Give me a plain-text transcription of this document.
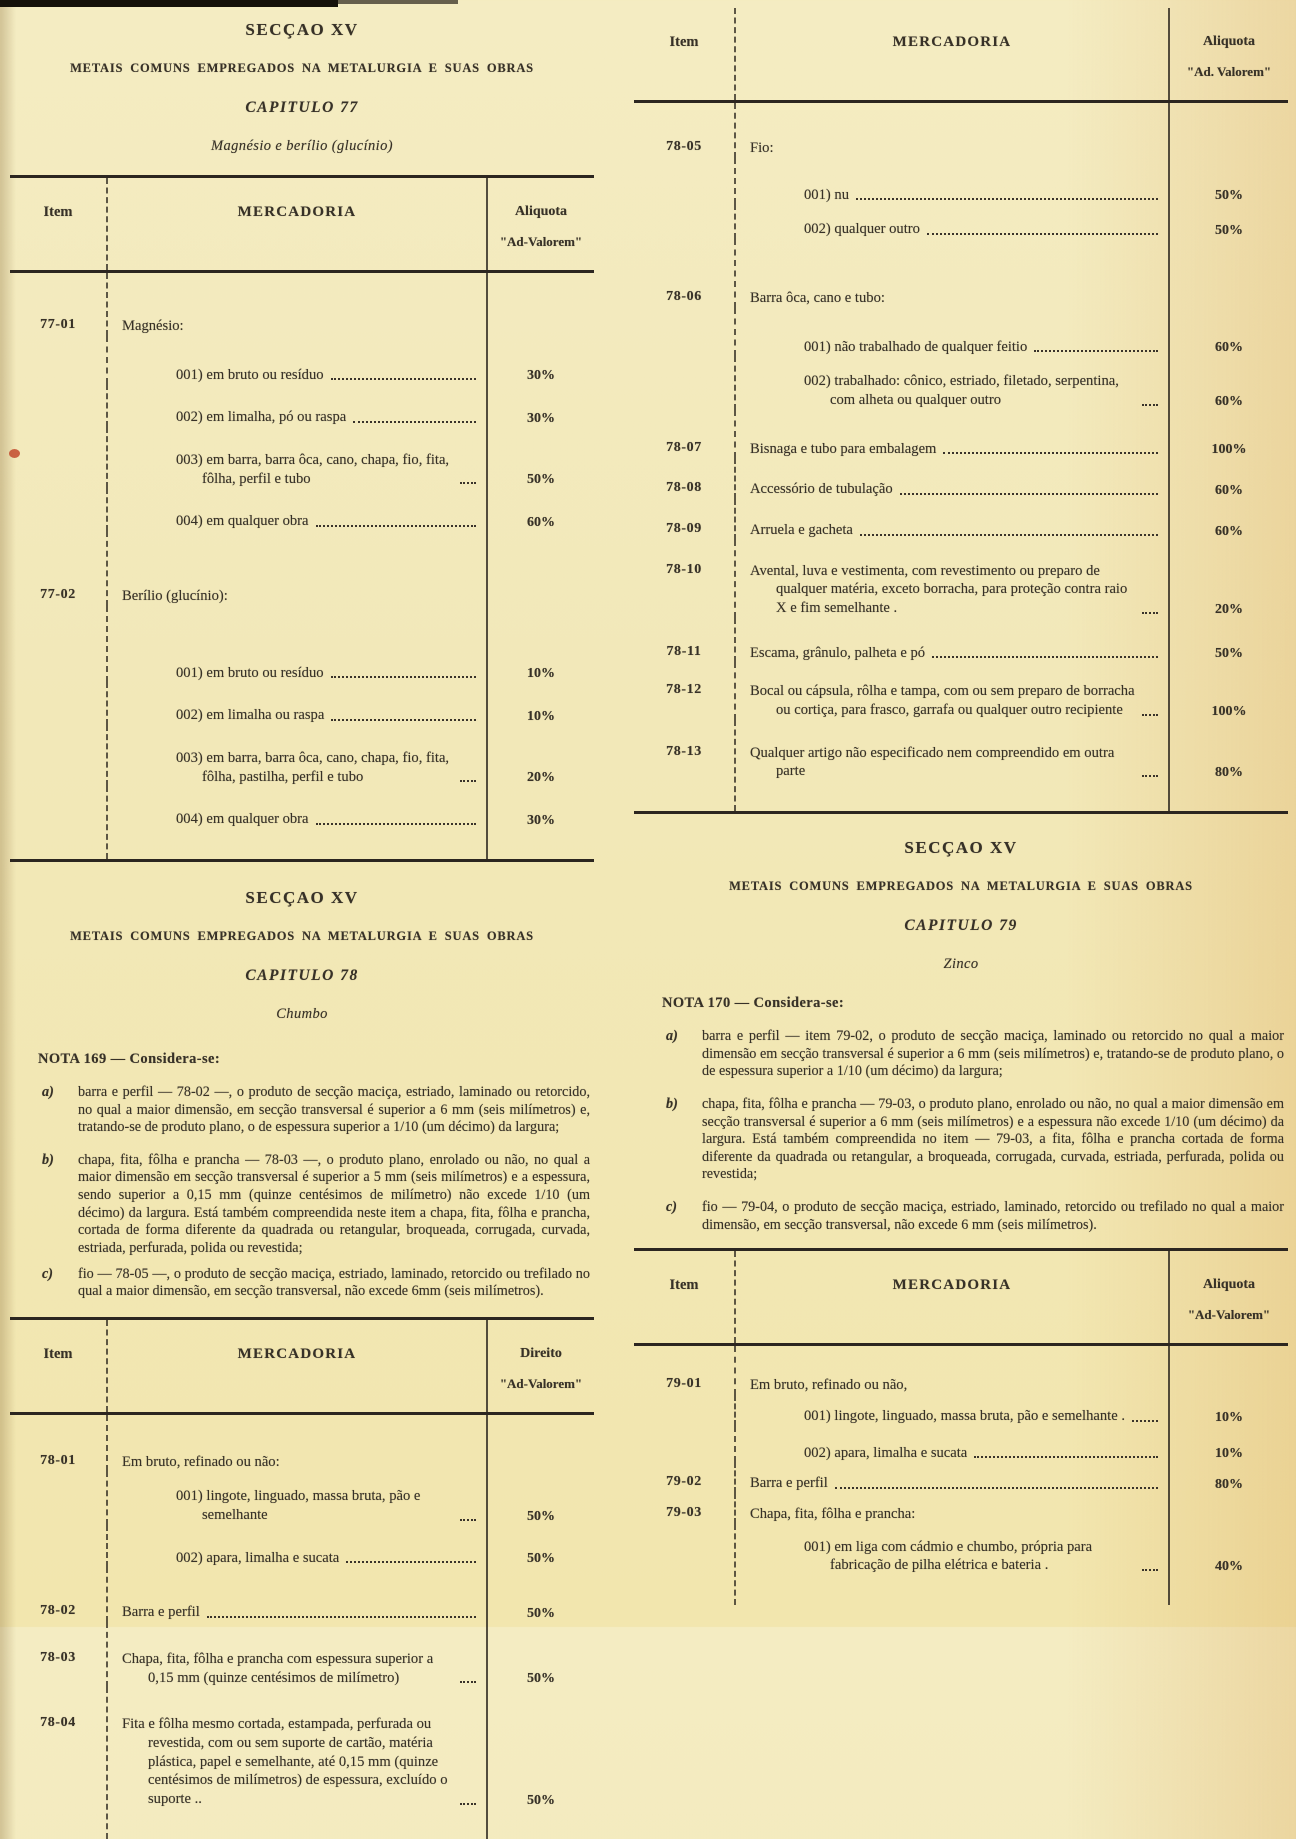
SECÇAO XV
METAIS COMUNS EMPREGADOS NA METALURGIA E SUAS OBRAS
CAPITULO 77
Magnésio e berílio (glucínio)
Item	MERCADORIA	Aliquota
"Ad-Valorem"
77-01	Magnésio:
001) em bruto ou resíduo	30%
002) em limalha, pó ou raspa	30%
003) em barra, barra ôca, cano, chapa, fio, fita, fôlha, perfil e tubo	50%
004) em qualquer obra	60%
77-02	Berílio (glucínio):
001) em bruto ou resíduo	10%
002) em limalha ou raspa	10%
003) em barra, barra ôca, cano, chapa, fio, fita, fôlha, pastilha, perfil e tubo	20%
004) em qualquer obra	30%
SECÇAO XV
METAIS COMUNS EMPREGADOS NA METALURGIA E SUAS OBRAS
CAPITULO 78
Chumbo
NOTA 169 — Considera-se:
a)	barra e perfil — 78-02 —, o produto de secção maciça, estriado, laminado ou retorcido, no qual a maior dimensão, em secção transversal é superior a 6 mm (seis milímetros) e, tratando-se de produto plano, o de espessura superior a 1/10 (um décimo) da largura;
b)	chapa, fita, fôlha e prancha — 78-03 —, o produto plano, enrolado ou não, no qual a maior dimensão em secção transversal é superior a 5 mm (seis milímetros) e a espessura, sendo superior a 0,15 mm (quinze centésimos de milímetro) não excede 1/10 (um décimo) da largura. Está também compreendida neste item a chapa, fita, fôlha e prancha, cortada de forma diferente da quadrada ou retangular, broqueada, corrugada, curvada, estriada, perfurada, polida ou revestida;
c)	fio — 78-05 —, o produto de secção maciça, estriado, laminado, retorcido ou trefilado no qual a maior dimensão, em secção transversal, não excede 6mm (seis milímetros).
Item	MERCADORIA	Direito
"Ad-Valorem"
78-01	Em bruto, refinado ou não:
001) lingote, linguado, massa bruta, pão e semelhante	50%
002) apara, limalha e sucata	50%
78-02	Barra e perfil	50%
78-03	Chapa, fita, fôlha e prancha com espessura superior a 0,15 mm (quinze centésimos de milímetro)	50%
78-04	Fita e fôlha mesmo cortada, estampada, perfurada ou revestida, com ou sem suporte de cartão, matéria plástica, papel e semelhante, até 0,15 mm (quinze centésimos de milímetros) de espessura, excluído o suporte ..	50%
Item	MERCADORIA	Aliquota
"Ad. Valorem"
78-05	Fio:
001) nu	50%
002) qualquer outro	50%
78-06	Barra ôca, cano e tubo:
001) não trabalhado de qualquer feitio	60%
002) trabalhado: cônico, estriado, filetado, serpentina, com alheta ou qualquer outro	60%
78-07	Bisnaga e tubo para embalagem	100%
78-08	Accessório de tubulação	60%
78-09	Arruela e gacheta	60%
78-10	Avental, luva e vestimenta, com revestimento ou preparo de qualquer matéria, exceto borracha, para proteção contra raio X e fim semelhante .	20%
78-11	Escama, grânulo, palheta e pó	50%
78-12	Bocal ou cápsula, rôlha e tampa, com ou sem preparo de borracha ou cortiça, para frasco, garrafa ou qualquer outro recipiente	100%
78-13	Qualquer artigo não especificado nem compreendido em outra parte	80%
SECÇAO XV
METAIS COMUNS EMPREGADOS NA METALURGIA E SUAS OBRAS
CAPITULO 79
Zinco
NOTA 170 — Considera-se:
a)	barra e perfil — item 79-02, o produto de secção maciça, laminado ou retorcido no qual a maior dimensão em secção transversal é superior a 6 mm (seis milímetros) e, tratando-se de produto plano, o de espessura superior a 1/10 (um décimo) da largura;
b)	chapa, fita, fôlha e prancha — 79-03, o produto plano, enrolado ou não, no qual a maior dimensão em secção transversal é superior a 6 mm (seis milímetros) e a espessura não excede 1/10 (um décimo) da largura. Está também compreendida no item — 79-03, a fita, fôlha e prancha cortada de forma diferente da quadrada ou retangular, a broqueada, corrugada, curvada, estriada, perfurada, polida ou revestida;
c)	fio — 79-04, o produto de secção maciça, estriado, laminado, retorcido ou trefilado no qual a maior dimensão, em secção transversal, não excede 6 mm (seis milímetros).
Item	MERCADORIA	Aliquota
"Ad-Valorem"
79-01	Em bruto, refinado ou não,
001) lingote, linguado, massa bruta, pão e semelhante .	10%
002) apara, limalha e sucata	10%
79-02	Barra e perfil	80%
79-03	Chapa, fita, fôlha e prancha:
001) em liga com cádmio e chumbo, própria para fabricação de pilha elétrica e bateria .	40%
